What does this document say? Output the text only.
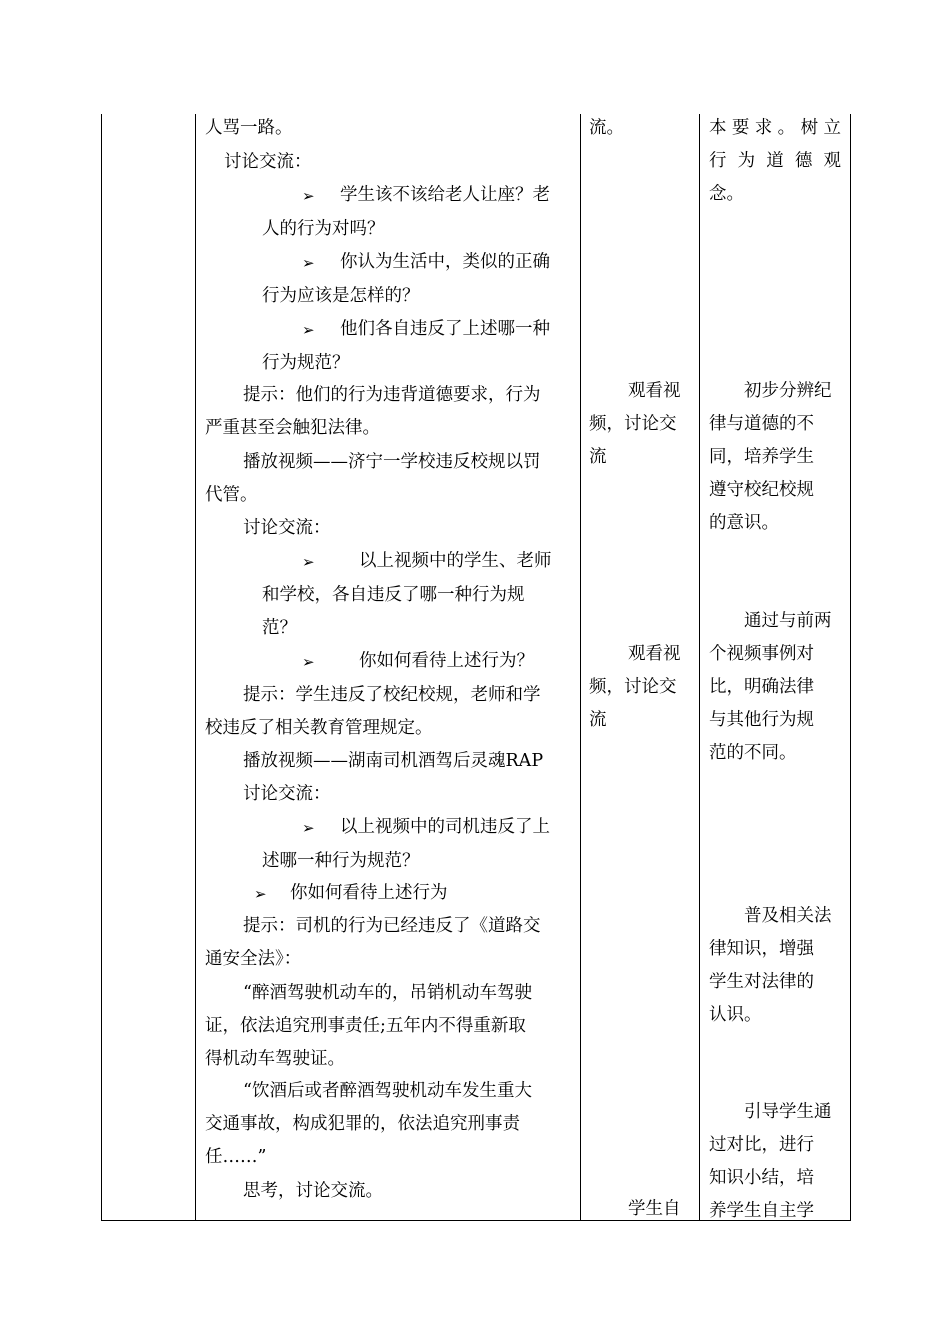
人骂一路。
讨论交流：
➢ 学生该不该给老人让座？老
人的行为对吗？
➢ 你认为生活中，类似的正确
行为应该是怎样的？
➢ 他们各自违反了上述哪一种
行为规范？
提示：他们的行为违背道德要求，行为
严重甚至会触犯法律。
播放视频——济宁一学校违反校规以罚
代管。
讨论交流：
➢	以上视频中的学生、老师
和学校，各自违反了哪一种行为规
范？
➢	你如何看待上述行为？
提示：学生违反了校纪校规，老师和学
校违反了相关教育管理规定。
播放视频——湖南司机酒驾后灵魂RAP
讨论交流：
➢ 以上视频中的司机违反了上
述哪一种行为规范？
➢ 你如何看待上述行为
提示：司机的行为已经违反了《道路交
通安全法》：
“醉酒驾驶机动车的，吊销机动车驾驶
证，依法追究刑事责任;五年内不得重新取
得机动车驾驶证。
“饮酒后或者醉酒驾驶机动车发生重大
交通事故，构成犯罪的，依法追究刑事责
任……”
思考，讨论交流。
流。
观看视
频，讨论交
流
观看视
频，讨论交
流
学生自
本 要 求 。 树 立
行 为 道 德 观
念。
初步分辨纪
律与道德的不
同，培养学生
遵守校纪校规
的意识。
通过与前两
个视频事例对
比，明确法律
与其他行为规
范的不同。
普及相关法
律知识，增强
学生对法律的
认识。
引导学生通
过对比，进行
知识小结，培
养学生自主学
